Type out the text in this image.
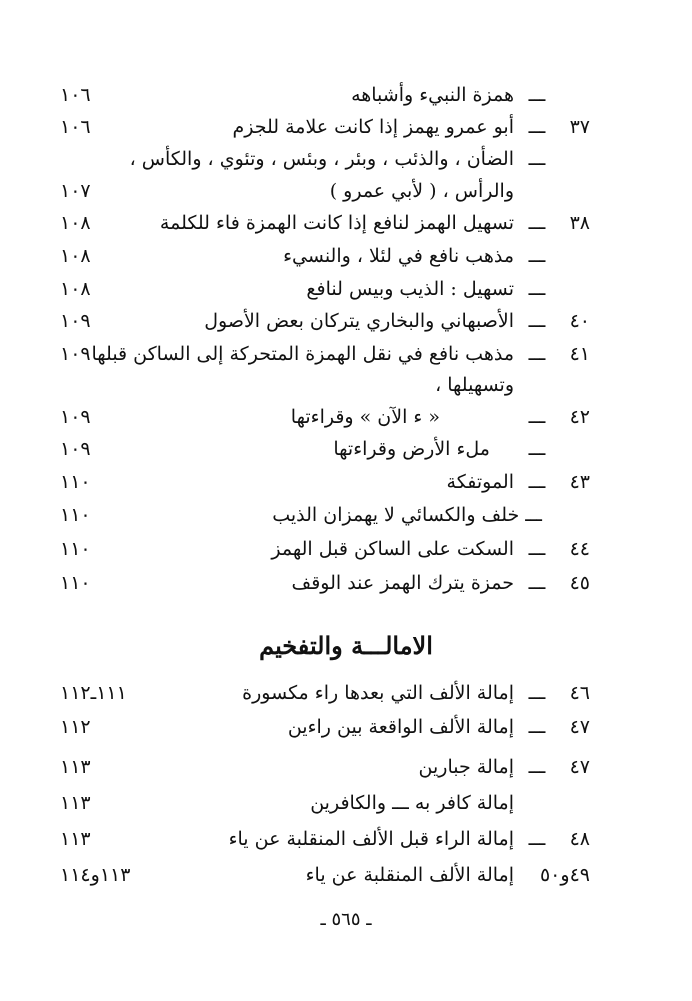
ـــ
همزة النبيء وأشباهه
١٠٦
٣٧
ـــ
أبو عمرو يهمز إذا كانت علامة للجزم
١٠٦
ـــ
الضأن ، والذئب ، وبئر ، وبئس ، وتئوي ، والكأس ،
والرأس ، ( لأبي عمرو )
١٠٧
٣٨
ـــ
تسهيل الهمز لنافع إذا كانت الهمزة فاء للكلمة
١٠٨
ـــ
مذهب نافع في لئلا ، والنسيء
١٠٨
ـــ
تسهيل : الذيب وبيس لنافع
١٠٨
٤٠
ـــ
الأصبهاني والبخاري يتركان بعض الأصول
١٠٩
٤١
ـــ
مذهب نافع في نقل الهمزة المتحركة إلى الساكن قبلها
١٠٩
وتسهيلها ،
٤٢
ـــ
« ء الآن » وقراءتها
١٠٩
ـــ
ملء الأرض وقراءتها
١٠٩
٤٣
ـــ
الموتفكة
١١٠
ـــ خلف والكسائي لا يهمزان الذيب
١١٠
٤٤
ـــ
السكت على الساكن قبل الهمز
١١٠
٤٥
ـــ
حمزة يترك الهمز عند الوقف
١١٠
الامالـــة والتفخيم
٤٦
ـــ
إمالة الألف التي بعدها راء مكسورة
١١١ـ١١٢
٤٧
ـــ
إمالة الألف الواقعة بين راءين
١١٢
٤٧
ـــ
إمالة جبارين
١١٣
إمالة كافر به ـــ والكافرين
١١٣
٤٨
ـــ
إمالة الراء قبل الألف المنقلبة عن ياء
١١٣
٤٩و٥٠
إمالة الألف المنقلبة عن ياء
١١٣و١١٤
ـ ٥٦٥ ـ
